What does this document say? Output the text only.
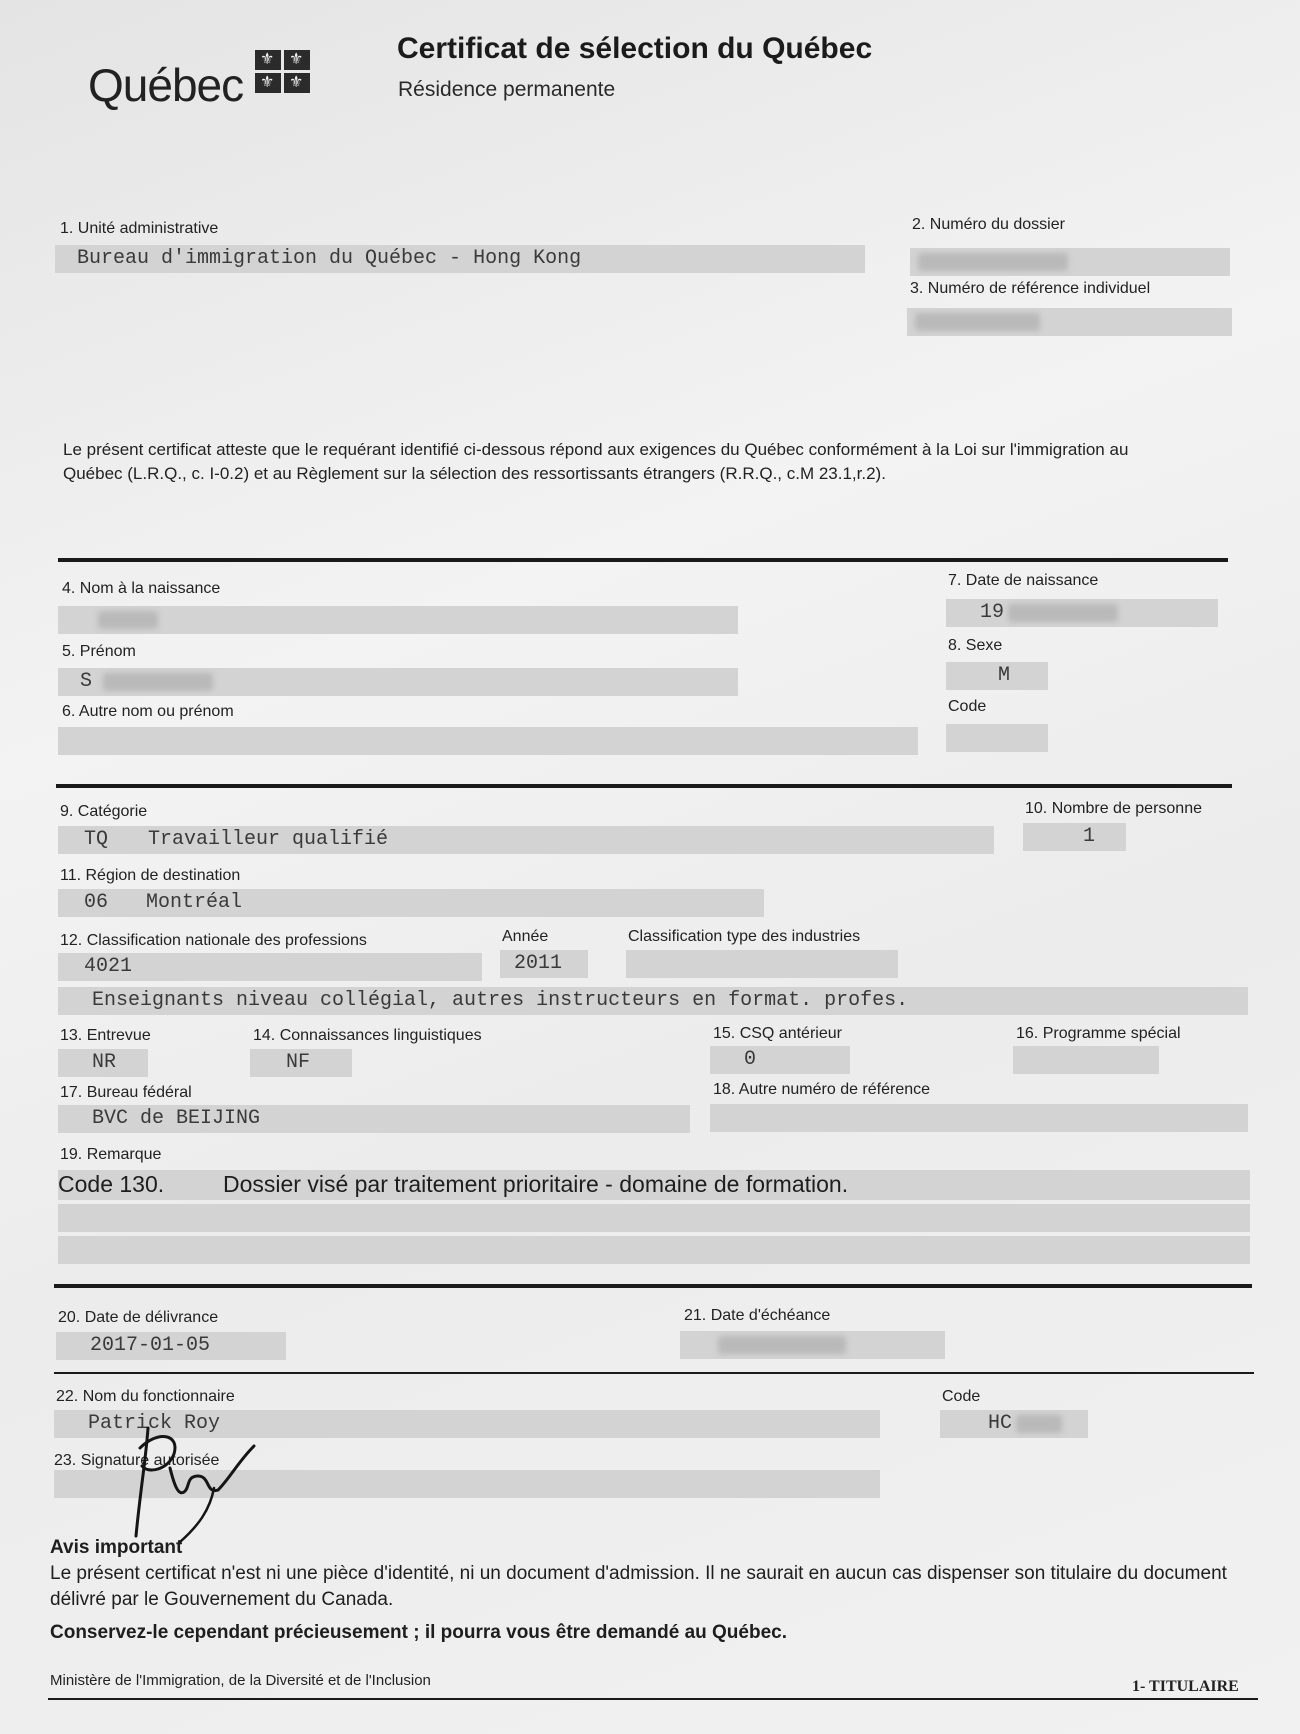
Québec
⚜
⚜
⚜
⚜
Certificat de sélection du Québec
Résidence permanente
1. Unité administrative
Bureau d'immigration du Québec - Hong Kong
2. Numéro du dossier
3. Numéro de référence individuel
Le présent certificat atteste que le requérant identifié ci-dessous répond aux exigences du Québec conformément à la Loi sur l'immigration au Québec (L.R.Q., c. I-0.2) et au Règlement sur la sélection des ressortissants étrangers (R.R.Q., c.M 23.1,r.2).
4. Nom à la naissance
5. Prénom
S
6. Autre nom ou prénom
7. Date de naissance
19
8. Sexe
M
Code
9. Catégorie
TQ Travailleur qualifié
10. Nombre de personne
1
11. Région de destination
06 Montréal
12. Classification nationale des professions
4021
Année
2011
Classification type des industries
Enseignants niveau collégial, autres instructeurs en format. profes.
13. Entrevue
NR
14. Connaissances linguistiques
NF
15. CSQ antérieur
0
16. Programme spécial
17. Bureau fédéral
BVC de BEIJING
18. Autre numéro de référence
19. Remarque
Code 130.	Dossier visé par traitement prioritaire - domaine de formation.
20. Date de délivrance
2017-01-05
21. Date d'échéance
22. Nom du fonctionnaire
Patrick Roy
Code
HC
23. Signature autorisée
Avis important
Le présent certificat n'est ni une pièce d'identité, ni un document d'admission. Il ne saurait en aucun cas dispenser son titulaire du document délivré par le Gouvernement du Canada.
Conservez-le cependant précieusement ; il pourra vous être demandé au Québec.
Ministère de l'Immigration, de la Diversité et de l'Inclusion	1- TITULAIRE
